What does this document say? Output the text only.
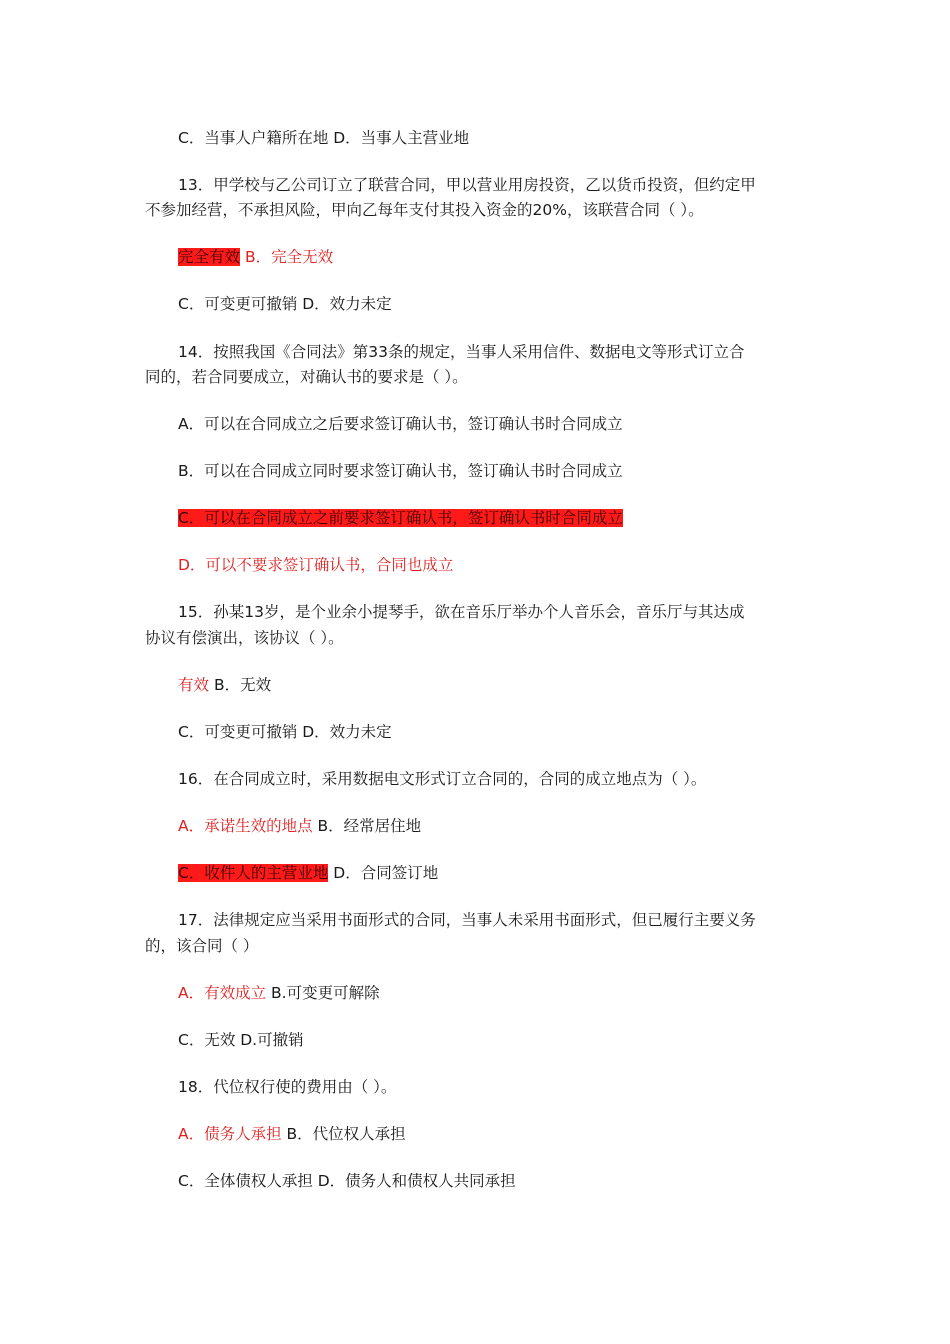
C．当事人户籍所在地 D．当事人主营业地
13．甲学校与乙公司订立了联营合同，甲以营业用房投资，乙以货币投资，但约定甲
不参加经营，不承担风险，甲向乙每年支付其投入资金的20%，该联营合同（ ）。
完全有效 B．完全无效
C．可变更可撤销 D．效力未定
14．按照我国《合同法》第33条的规定，当事人采用信件、数据电文等形式订立合
同的，若合同要成立，对确认书的要求是（ ）。
A．可以在合同成立之后要求签订确认书，签订确认书时合同成立
B．可以在合同成立同时要求签订确认书，签订确认书时合同成立
C．可以在合同成立之前要求签订确认书，签订确认书时合同成立
D．可以不要求签订确认书，合同也成立
15．孙某13岁，是个业余小提琴手，欲在音乐厅举办个人音乐会，音乐厅与其达成
协议有偿演出，该协议（ ）。
有效 B．无效
C．可变更可撤销 D．效力未定
16．在合同成立时，采用数据电文形式订立合同的，合同的成立地点为（ ）。
A．承诺生效的地点 B．经常居住地
C．收件人的主营业地 D．合同签订地
17．法律规定应当采用书面形式的合同，当事人未采用书面形式，但已履行主要义务
的，该合同（ ）
A．有效成立 B.可变更可解除
C．无效 D.可撤销
18．代位权行使的费用由（ ）。
A．债务人承担 B．代位权人承担
C．全体债权人承担 D．债务人和债权人共同承担
